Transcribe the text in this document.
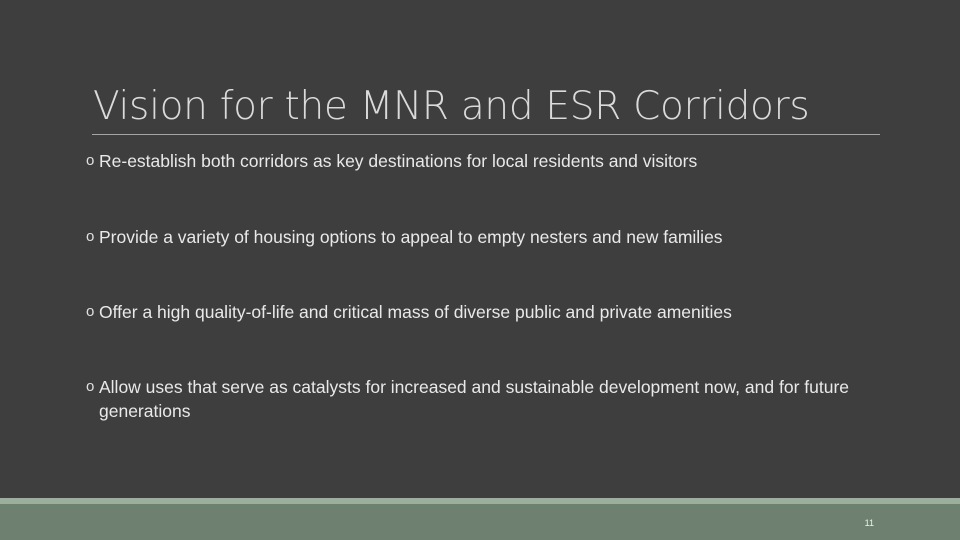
Vision for the MNR and ESR Corridors
o Re-establish both corridors as key destinations for local residents and visitors
o Provide a variety of housing options to appeal to empty nesters and new families
o Offer a high quality-of-life and critical mass of diverse public and private amenities
o Allow uses that serve as catalysts for increased and sustainable development now, and for future generations
11
